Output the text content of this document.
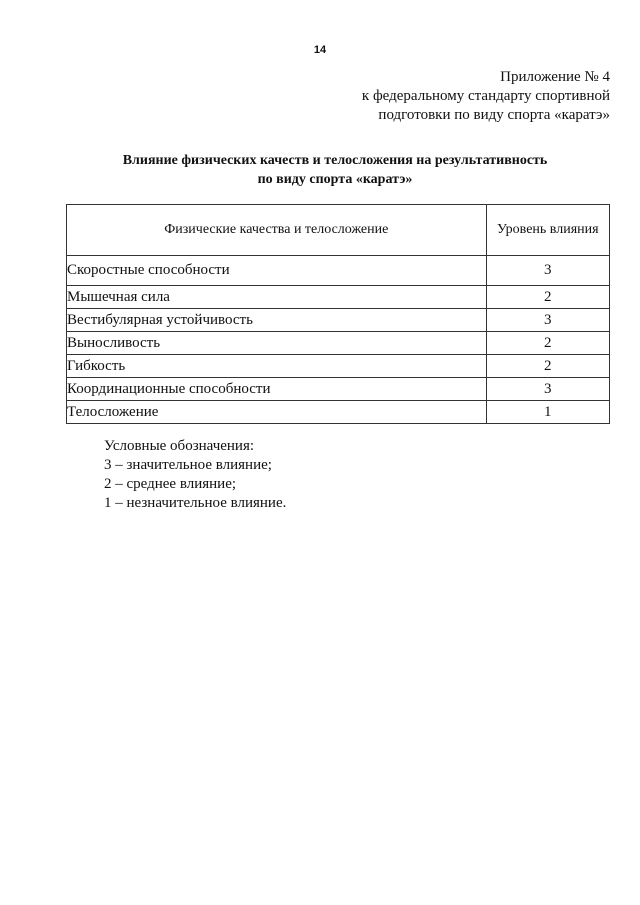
14
Приложение № 4
к федеральному стандарту спортивной
подготовки по виду спорта «каратэ»
Влияние физических качеств и телосложения на результативность
по виду спорта «каратэ»
Физические качества и телосложение	Уровень влияния
Скоростные способности	3
Мышечная сила	2
Вестибулярная устойчивость	3
Выносливость	2
Гибкость	2
Координационные способности	3
Телосложение	1
Условные обозначения:
3 – значительное влияние;
2 – среднее влияние;
1 – незначительное влияние.
